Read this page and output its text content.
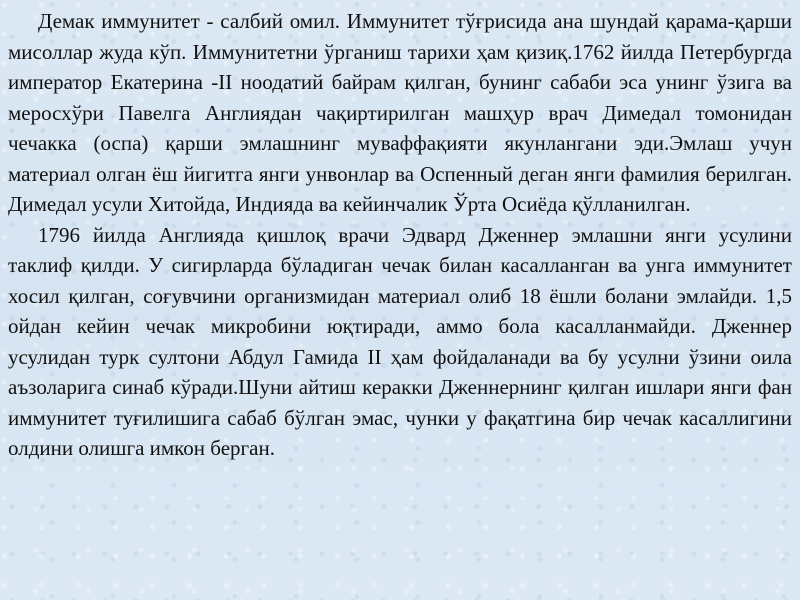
Демак иммунитет - салбий омил. Иммунитет тўғрисида ана шундай қарама-қарши мисоллар жуда кўп. Иммунитетни ўрганиш тарихи ҳам қизиқ.1762 йилда Петербургда император Екатерина -II ноодатий байрам қилган, бунинг сабаби эса унинг ўзига ва меросхўри Павелга Англиядан чақиртирилган машҳур врач Димедал томонидан чечакка (оспа) қарши эмлашнинг муваффақияти якунлангани эди.Эмлаш учун материал олган ёш йигитга янги унвонлар ва Оспенный деган янги фамилия берилган. Димедал усули Хитойда, Индияда ва кейинчалик Ўрта Осиёда қўлланилган.

1796 йилда Англияда қишлоқ врачи Эдвард Дженнер эмлашни янги усулини таклиф қилди. У сигирларда бўладиган чечак билан касалланган ва унга иммунитет хосил қилган, соғувчини организмидан материал олиб 18 ёшли болани эмлайди. 1,5 ойдан кейин чечак микробини юқтиради, аммо бола касалланмайди. Дженнер усулидан турк султони Абдул Гамида II ҳам фойдаланади ва бу усулни ўзини оила аъзоларига синаб кўради.Шуни айтиш керакки Дженнернинг қилган ишлари янги фан иммунитет туғилишига сабаб бўлган эмас, чунки у фақатгина бир чечак касаллигини олдини олишга имкон берган.
